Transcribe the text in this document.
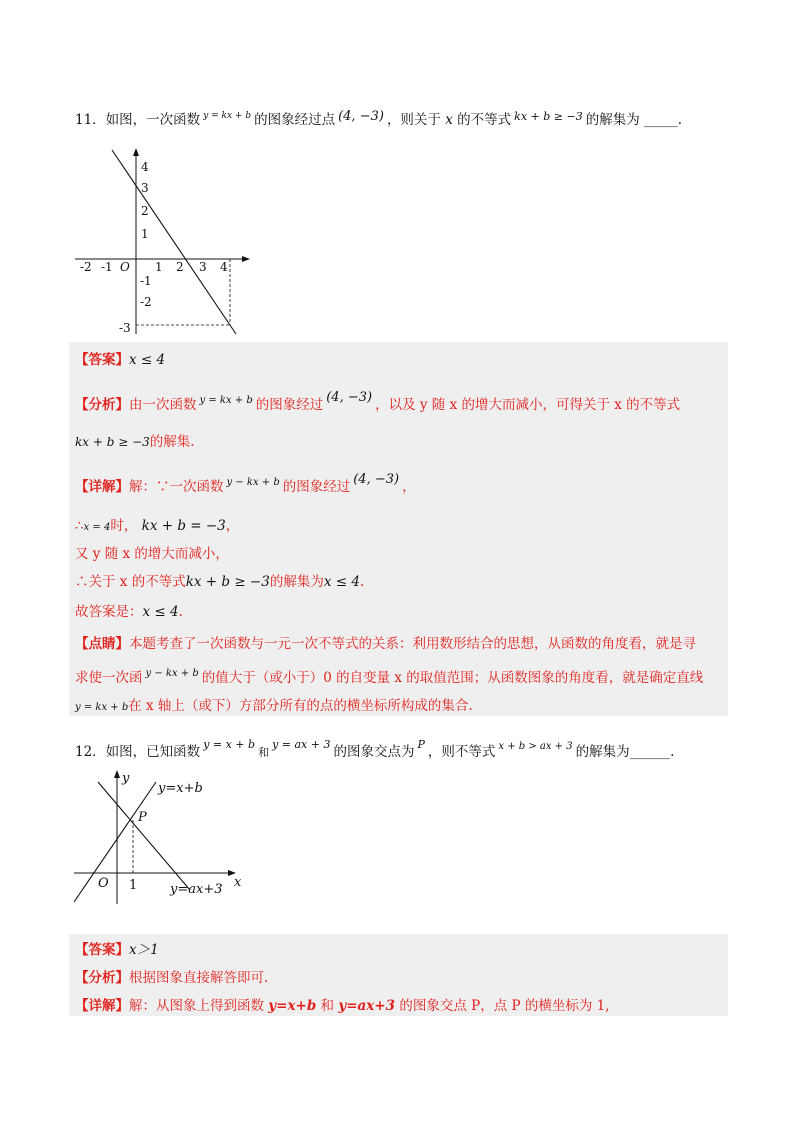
11．如图，一次函数 $^{y = kx + b}$ 的图象经过点 (4, −3) ，则关于 x 的不等式 $^{kx + b \ge -3}$ 的解集为 _____.
-2 -1 O 1 2 3 4
4
3
2
1
-1
-2
-3
【答案】x ≤ 4
【分析】由一次函数 $^{y = kx + b}$ 的图象经过 (4, −3) ，以及 y 随 x 的增大而减小，可得关于 x 的不等式
kx + b ≥ −3的解集.
【详解】解：∵一次函数 $^{y - kx + b}$ 的图象经过 (4, −3) ，
∴x = 4时， kx + b = −3，
又 y 随 x 的增大而减小，
∴关于 x 的不等式kx + b ≥ −3的解集为x ≤ 4.
故答案是：x ≤ 4.
【点睛】本题考查了一次函数与一元一次不等式的关系：利用数形结合的思想，从函数的角度看，就是寻
求使一次函 $^{y - kx + b}$ 的值大于（或小于）0 的自变量 x 的取值范围；从函数图象的角度看，就是确定直线
y = kx + b在 x 轴上（或下）方部分所有的点的横坐标所构成的集合.
12．如图，已知函数 $^{y = x + b}$和$^{y = ax + 3}$ 的图象交点为 $^P$ ，则不等式 $^{x + b > ax + 3}$ 的解集为______.
y
x
O
P
y=x+b
y=ax+3
1
【答案】x＞1
【分析】根据图象直接解答即可.
【详解】解：从图象上得到函数 y=x+b 和 y=ax+3 的图象交点 P，点 P 的横坐标为 1,
